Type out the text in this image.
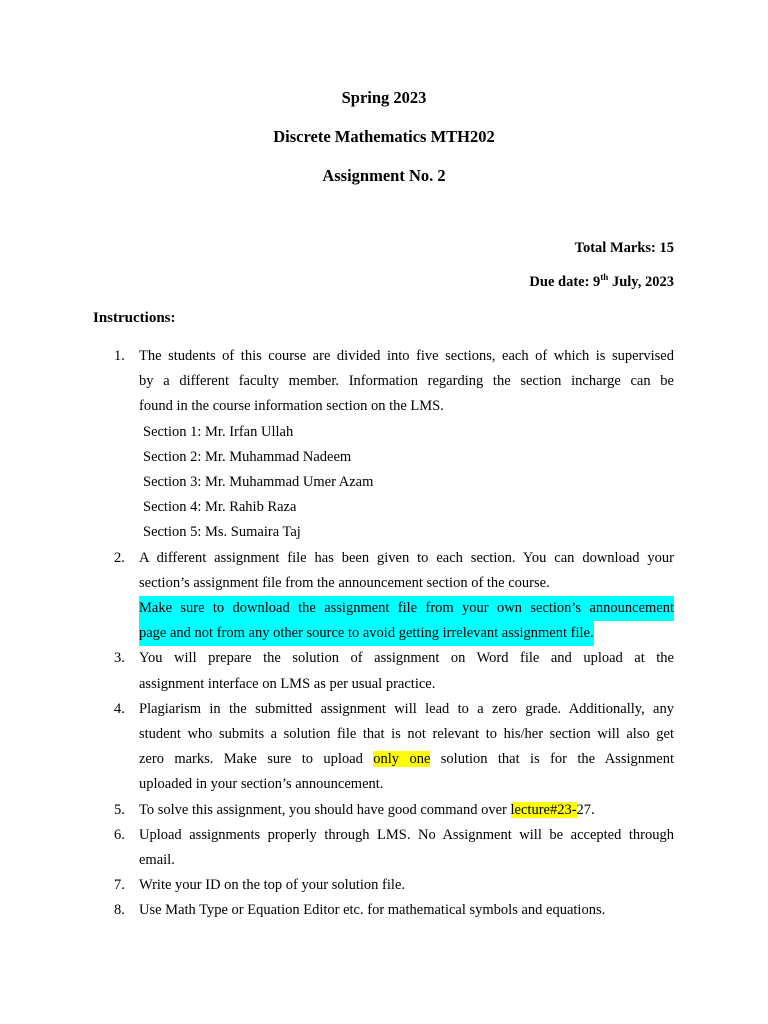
Spring 2023
Discrete Mathematics MTH202
Assignment No. 2
Total Marks: 15
Due date: 9th July, 2023
Instructions:
1. The students of this course are divided into five sections, each of which is supervised
by a different faculty member. Information regarding the section incharge can be
found in the course information section on the LMS.
Section 1: Mr. Irfan Ullah
Section 2: Mr. Muhammad Nadeem
Section 3: Mr. Muhammad Umer Azam
Section 4: Mr. Rahib Raza
Section 5: Ms. Sumaira Taj
2. A different assignment file has been given to each section. You can download your
section’s assignment file from the announcement section of the course.
Make sure to download the assignment file from your own section’s announcement
page and not from any other source to avoid getting irrelevant assignment file.
3. You will prepare the solution of assignment on Word file and upload at the
assignment interface on LMS as per usual practice.
4. Plagiarism in the submitted assignment will lead to a zero grade. Additionally, any
student who submits a solution file that is not relevant to his/her section will also get
zero marks. Make sure to upload only one solution that is for the Assignment
uploaded in your section’s announcement.
5. To solve this assignment, you should have good command over lecture#23-27.
6. Upload assignments properly through LMS. No Assignment will be accepted through
email.
7. Write your ID on the top of your solution file.
8. Use Math Type or Equation Editor etc. for mathematical symbols and equations.
